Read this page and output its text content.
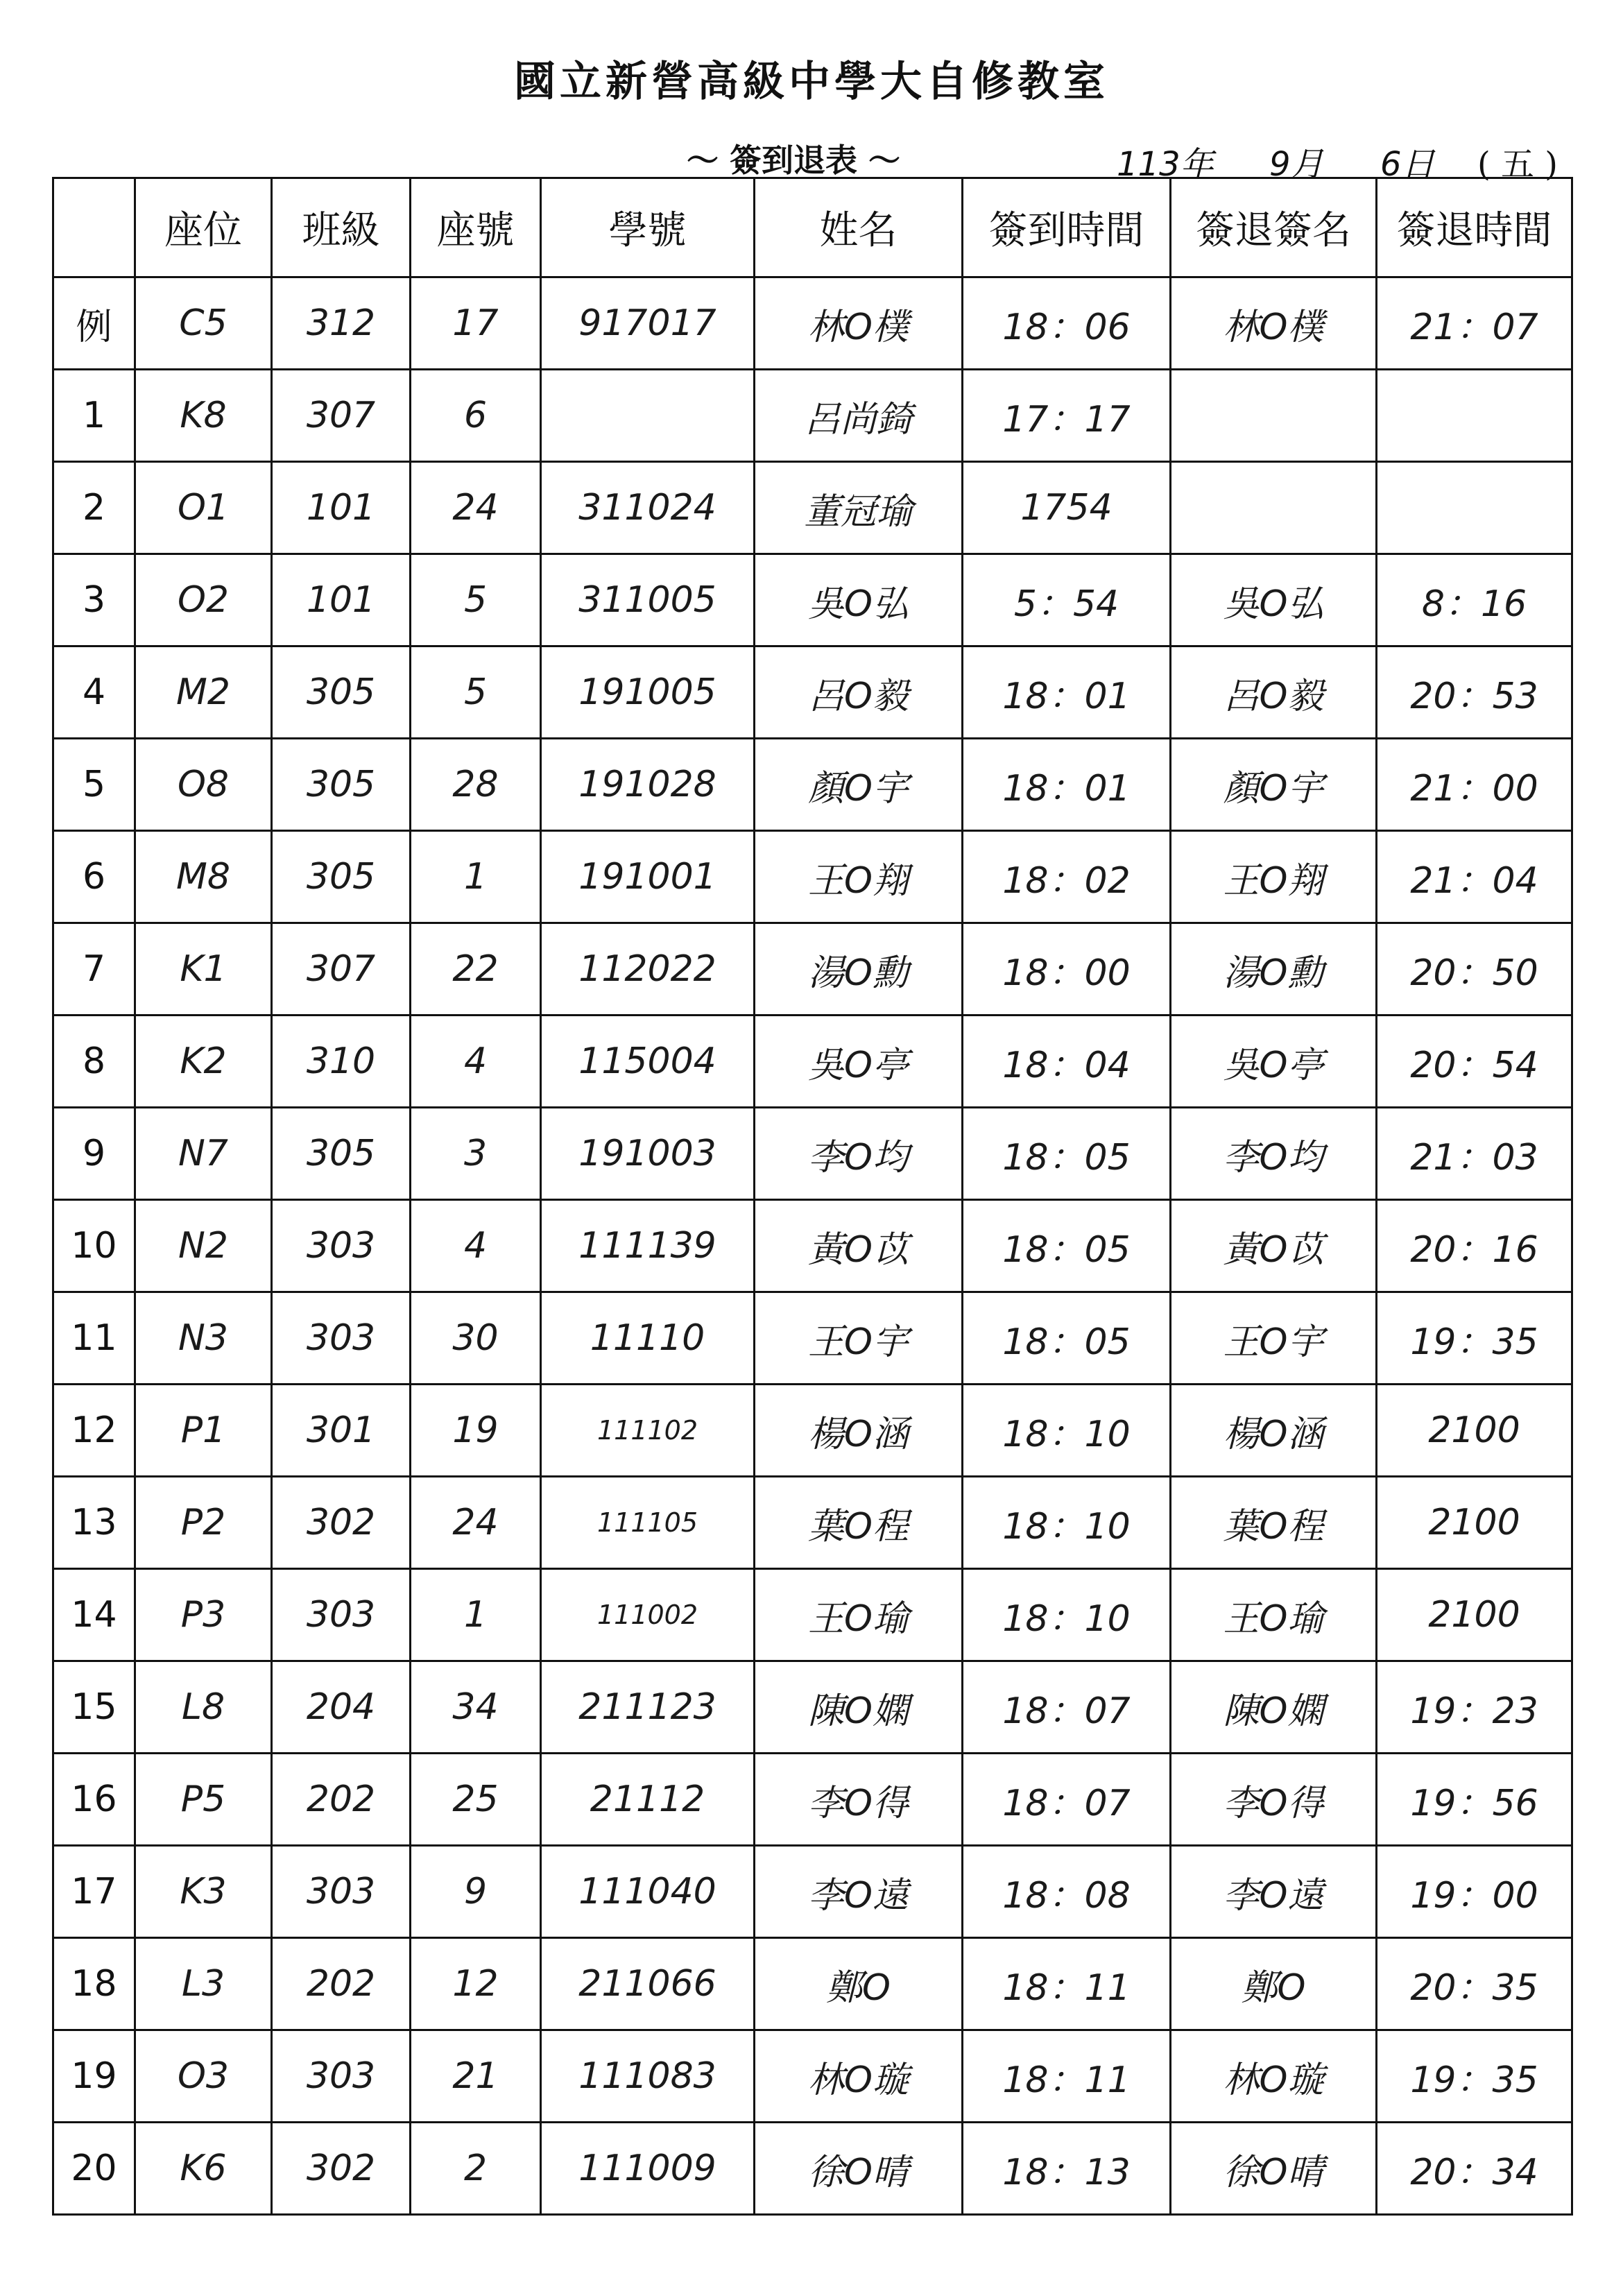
國立新營高級中學大自修教室
～ 簽到退表 ～	113年 9月 6日 ( 五 )
	座位	班級	座號	學號	姓名	簽到時間	簽退簽名	簽退時間
例	C5	312	17	917017	林O樸	18：06	林O樸	21：07
1	K8	307	6		呂尚錡	17：17		
2	O1	101	24	311024	董冠瑜	1754		
3	O2	101	5	311005	吳O弘	5：54	吳O弘	8：16
4	M2	305	5	191005	呂O毅	18：01	呂O毅	20：53
5	O8	305	28	191028	顏O宇	18：01	顏O宇	21：00
6	M8	305	1	191001	王O翔	18：02	王O翔	21：04
7	K1	307	22	112022	湯O勳	18：00	湯O勳	20：50
8	K2	310	4	115004	吳O亭	18：04	吳O亭	20：54
9	N7	305	3	191003	李O均	18：05	李O均	21：03
10	N2	303	4	111139	黃O苡	18：05	黃O苡	20：16
11	N3	303	30	11110	王O宇	18：05	王O宇	19：35
12	P1	301	19	111102	楊O涵	18：10	楊O涵	2100
13	P2	302	24	111105	葉O程	18：10	葉O程	2100
14	P3	303	1	111002	王O瑜	18：10	王O瑜	2100
15	L8	204	34	211123	陳O嫻	18：07	陳O嫻	19：23
16	P5	202	25	21112	李O得	18：07	李O得	19：56
17	K3	303	9	111040	李O遠	18：08	李O遠	19：00
18	L3	202	12	211066	鄭O	18：11	鄭O	20：35
19	O3	303	21	111083	林O璇	18：11	林O璇	19：35
20	K6	302	2	111009	徐O晴	18：13	徐O晴	20：34
